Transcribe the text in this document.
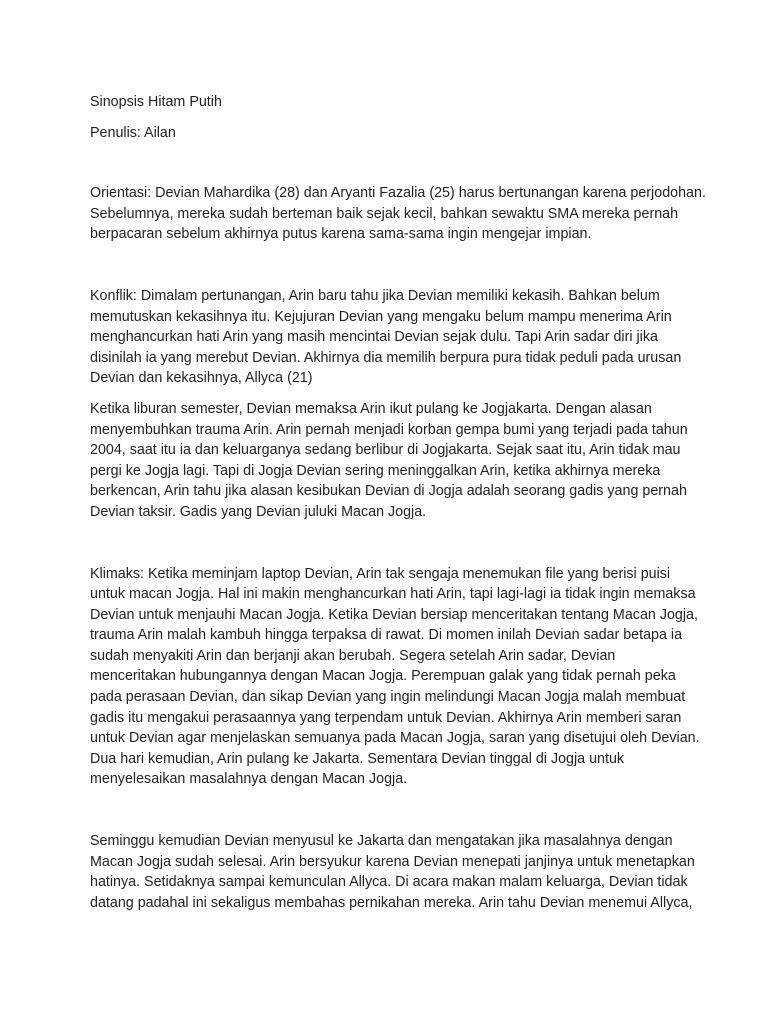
Sinopsis Hitam Putih

Penulis: Ailan

Orientasi: Devian Mahardika (28) dan Aryanti Fazalia (25) harus bertunangan karena perjodohan.

Sebelumnya, mereka sudah berteman baik sejak kecil, bahkan sewaktu SMA mereka pernah

berpacaran sebelum akhirnya putus karena sama-sama ingin mengejar impian.

Konflik: Dimalam pertunangan, Arin baru tahu jika Devian memiliki kekasih. Bahkan belum

memutuskan kekasihnya itu. Kejujuran Devian yang mengaku belum mampu menerima Arin

menghancurkan hati Arin yang masih mencintai Devian sejak dulu. Tapi Arin sadar diri jika

disinilah ia yang merebut Devian. Akhirnya dia memilih berpura pura tidak peduli pada urusan

Devian dan kekasihnya, Allyca (21)

Ketika liburan semester, Devian memaksa Arin ikut pulang ke Jogjakarta. Dengan alasan

menyembuhkan trauma Arin. Arin pernah menjadi korban gempa bumi yang terjadi pada tahun

2004, saat itu ia dan keluarganya sedang berlibur di Jogjakarta. Sejak saat itu, Arin tidak mau

pergi ke Jogja lagi. Tapi di Jogja Devian sering meninggalkan Arin, ketika akhirnya mereka

berkencan, Arin tahu jika alasan kesibukan Devian di Jogja adalah seorang gadis yang pernah

Devian taksir. Gadis yang Devian juluki Macan Jogja.

Klimaks: Ketika meminjam laptop Devian, Arin tak sengaja menemukan file yang berisi puisi

untuk macan Jogja. Hal ini makin menghancurkan hati Arin, tapi lagi-lagi ia tidak ingin memaksa

Devian untuk menjauhi Macan Jogja. Ketika Devian bersiap menceritakan tentang Macan Jogja,

trauma Arin malah kambuh hingga terpaksa di rawat. Di momen inilah Devian sadar betapa ia

sudah menyakiti Arin dan berjanji akan berubah. Segera setelah Arin sadar, Devian

menceritakan hubungannya dengan Macan Jogja. Perempuan galak yang tidak pernah peka

pada perasaan Devian, dan sikap Devian yang ingin melindungi Macan Jogja malah membuat

gadis itu mengakui perasaannya yang terpendam untuk Devian. Akhirnya Arin memberi saran

untuk Devian agar menjelaskan semuanya pada Macan Jogja, saran yang disetujui oleh Devian.

Dua hari kemudian, Arin pulang ke Jakarta. Sementara Devian tinggal di Jogja untuk

menyelesaikan masalahnya dengan Macan Jogja.

Seminggu kemudian Devian menyusul ke Jakarta dan mengatakan jika masalahnya dengan

Macan Jogja sudah selesai. Arin bersyukur karena Devian menepati janjinya untuk menetapkan

hatinya. Setidaknya sampai kemunculan Allyca. Di acara makan malam keluarga, Devian tidak

datang padahal ini sekaligus membahas pernikahan mereka. Arin tahu Devian menemui Allyca,
